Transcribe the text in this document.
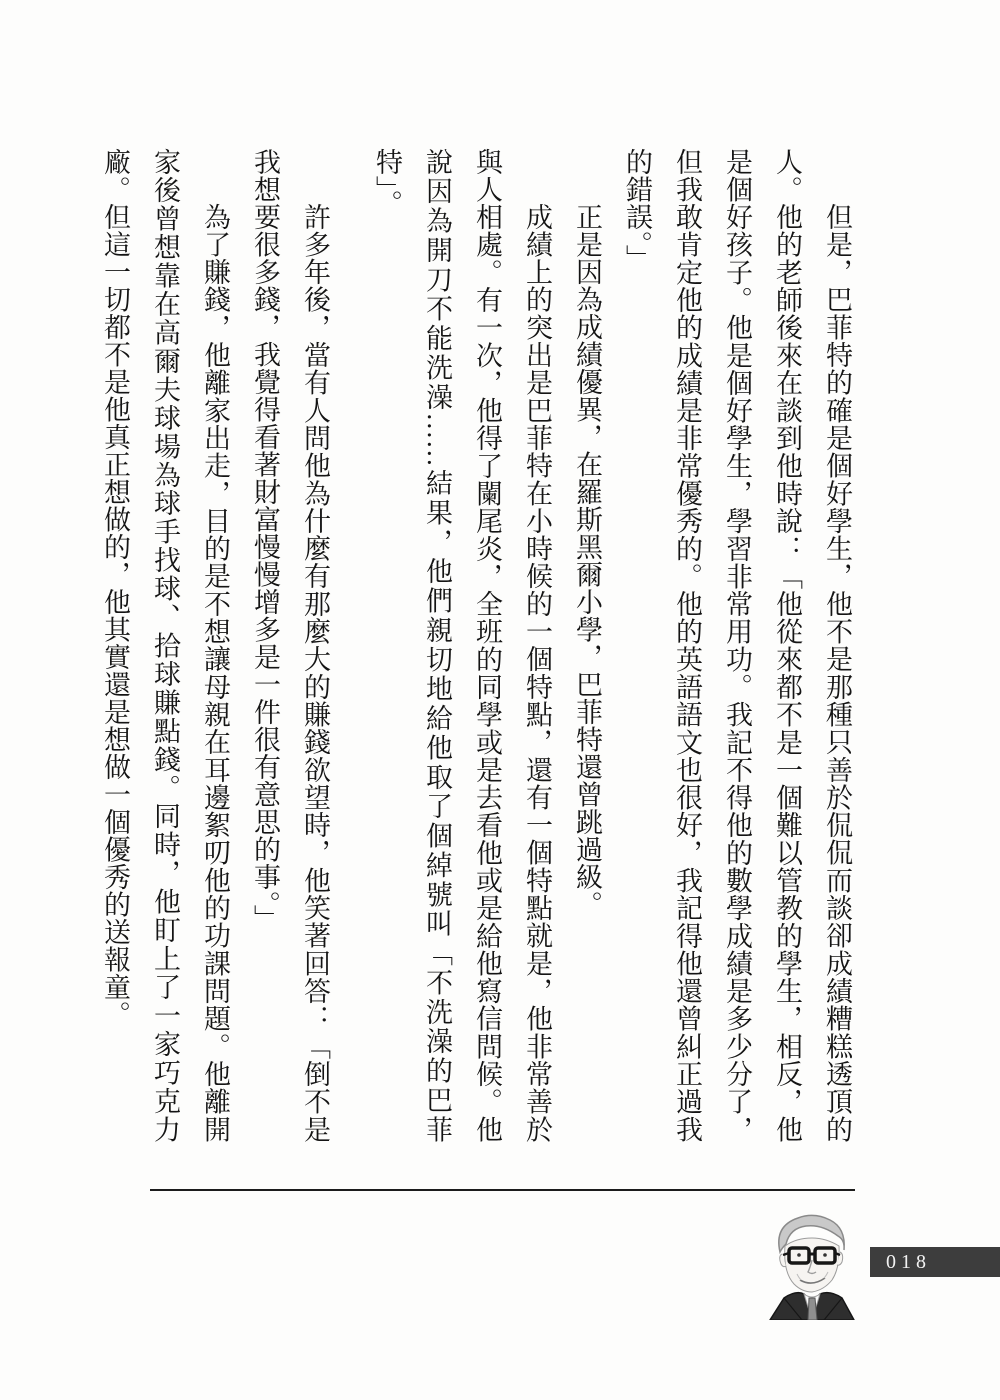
但是，巴菲特的確是個好學生，他不是那種只善於侃侃而談卻成績糟糕透頂的人。他的老師後來在談到他時說：「他從來都不是一個難以管教的學生，相反，他是個好孩子。他是個好學生，學習非常用功。我記不得他的數學成績是多少分了，但我敢肯定他的成績是非常優秀的。他的英語語文也很好，我記得他還曾糾正過我的錯誤。」

正是因為成績優異，在羅斯黑爾小學，巴菲特還曾跳過級。

成績上的突出是巴菲特在小時候的一個特點，還有一個特點就是，他非常善於與人相處。有一次，他得了闌尾炎，全班的同學或是去看他或是給他寫信問候。他說因為開刀不能洗澡……結果，他們親切地給他取了個綽號叫「不洗澡的巴菲特」。

許多年後，當有人問他為什麼有那麼大的賺錢欲望時，他笑著回答：「倒不是我想要很多錢，我覺得看著財富慢慢增多是一件很有意思的事。」

為了賺錢，他離家出走，目的是不想讓母親在耳邊絮叨他的功課問題。他離開家後曾想靠在高爾夫球場為球手找球、拾球賺點錢。同時，他盯上了一家巧克力廠。但這一切都不是他真正想做的，他其實還是想做一個優秀的送報童。

018
